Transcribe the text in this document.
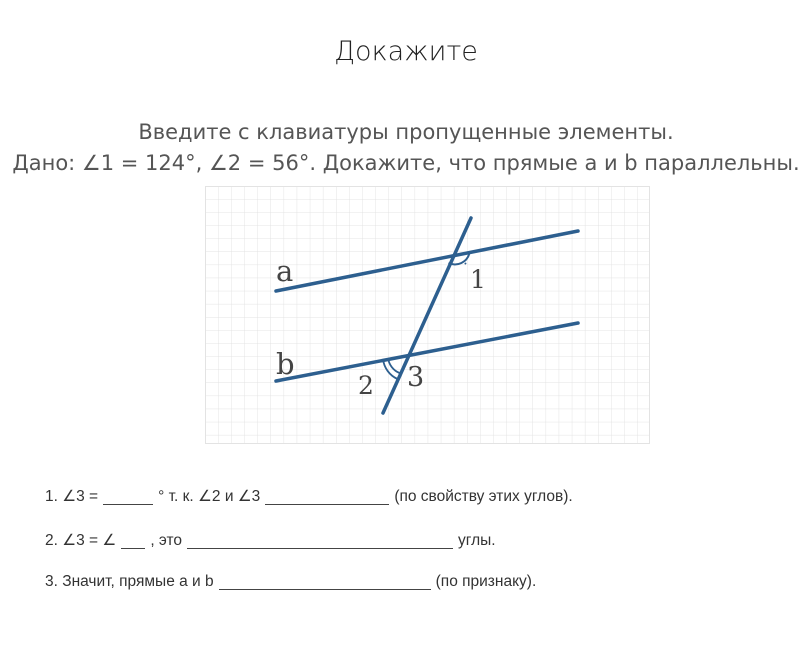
Докажите
Введите с клавиатуры пропущенные элементы.
Дано: ∠1 = 124°, ∠2 = 56°. Докажите, что прямые a и b параллельны.
a
b
1
2 3
1. ∠3 =	° т. к. ∠2 и ∠3	(по свойству этих углов).
2. ∠3 = ∠ , это	углы.
3. Значит, прямые a и b	(по признаку).
